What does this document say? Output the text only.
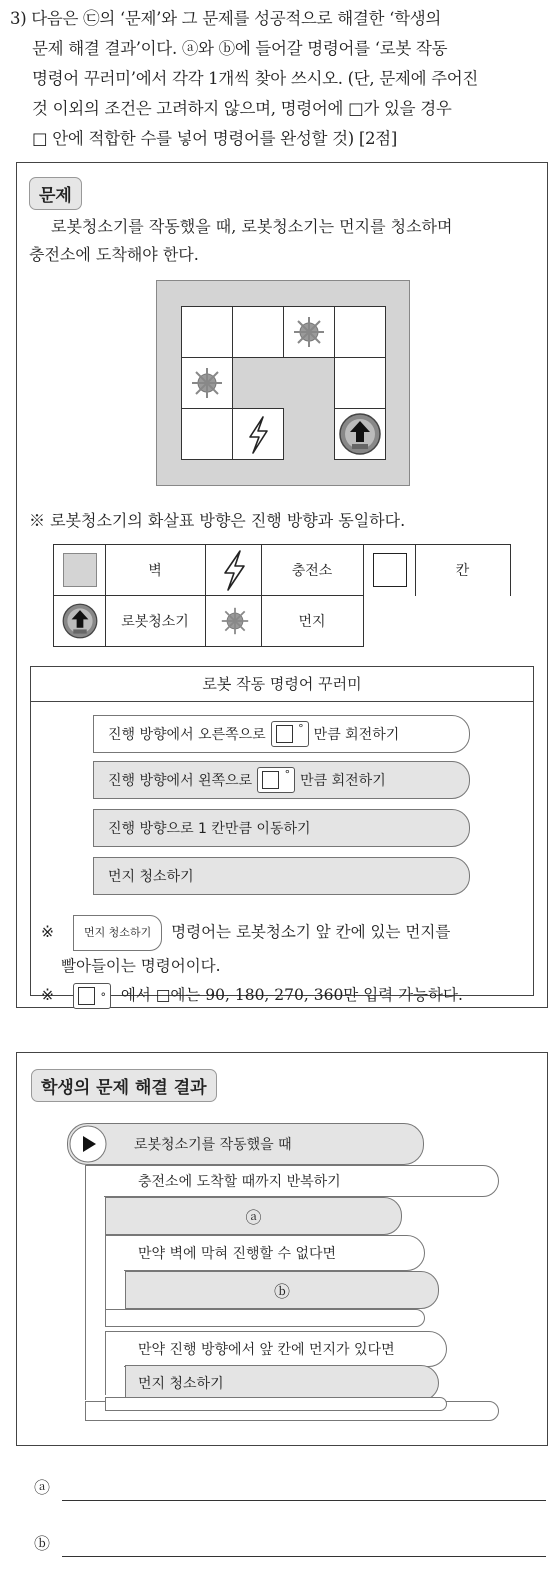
3) 다음은 ㉢의 ‘문제’와 그 문제를 성공적으로 해결한 ‘학생의
문제 해결 결과’이다. ⓐ와 ⓑ에 들어갈 명령어를 ‘로봇 작동
명령어 꾸러미’에서 각각 1개씩 찾아 쓰시오. (단, 문제에 주어진
것 이외의 조건은 고려하지 않으며, 명령어에 □가 있을 경우
□ 안에 적합한 수를 넣어 명령어를 완성할 것) [2점]
문제
로봇청소기를 작동했을 때, 로봇청소기는 먼지를 청소하며
충전소에 도착해야 한다.
※ 로봇청소기의 화살표 방향은 진행 방향과 동일하다.
벽	충전소	칸
로봇청소기	먼지
로봇 작동 명령어 꾸러미
진행 방향에서 오른쪽으로	° 만큼 회전하기
진행 방향에서 왼쪽으로	° 만큼 회전하기
진행 방향으로 1 칸만큼 이동하기
먼지 청소하기
※	먼지 청소하기 명령어는 로봇청소기 앞 칸에 있는 먼지를
빨아들이는 명령어이다.
※	° 에서 □에는 90, 180, 270, 360만 입력 가능하다.
학생의 문제 해결 결과
로봇청소기를 작동했을 때
충전소에 도착할 때까지 반복하기
ⓐ
만약 벽에 막혀 진행할 수 없다면
ⓑ
만약 진행 방향에서 앞 칸에 먼지가 있다면
먼지 청소하기
ⓐ
ⓑ
